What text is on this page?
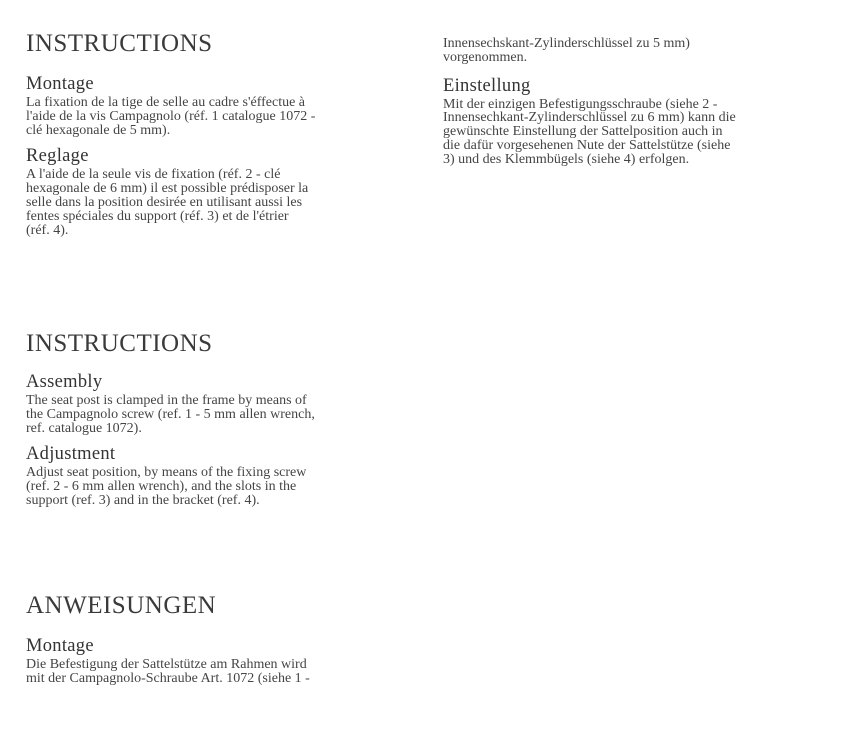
INSTRUCTIONS
Montage

La fixation de la tige de selle au cadre s'éffectue à
l'aide de la vis Campagnolo (réf. 1 catalogue 1072 -
clé hexagonale de 5 mm).

Reglage

A l'aide de la seule vis de fixation (réf. 2 - clé
hexagonale de 6 mm) il est possible prédisposer la
selle dans la position desirée en utilisant aussi les
fentes spéciales du support (réf. 3) et de l'étrier
(réf. 4).

INSTRUCTIONS
Assembly

The seat post is clamped in the frame by means of
the Campagnolo screw (ref. 1 - 5 mm allen wrench,
ref. catalogue 1072).

Adjustment

Adjust seat position, by means of the fixing screw
(ref. 2 - 6 mm allen wrench), and the slots in the
support (ref. 3) and in the bracket (ref. 4).

ANWEISUNGEN
Montage

Die Befestigung der Sattelstütze am Rahmen wird
mit der Campagnolo-Schraube Art. 1072 (siehe 1 -

Innensechskant-Zylinderschlüssel zu 5 mm)
vorgenommen.

Einstellung

Mit der einzigen Befestigungsschraube (siehe 2 -
Innensechkant-Zylinderschlüssel zu 6 mm) kann die
gewünschte Einstellung der Sattelposition auch in
die dafür vorgesehenen Nute der Sattelstütze (siehe
3) und des Klemmbügels (siehe 4) erfolgen.
